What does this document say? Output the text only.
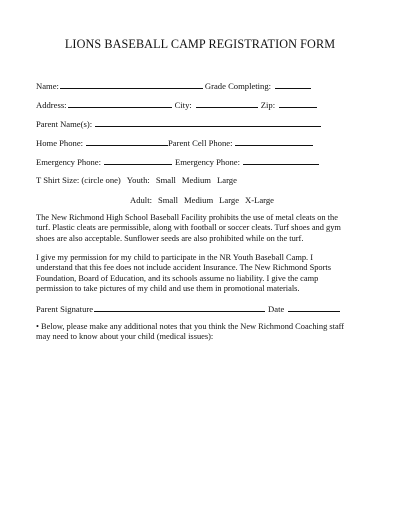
LIONS BASEBALL CAMP REGISTRATION FORM
Name:	Grade Completing:
Address:	City:	Zip:
Parent Name(s):
Home Phone:	Parent Cell Phone:
Emergency Phone:	Emergency Phone:
T Shirt Size: (circle one) Youth: Small Medium Large
Adult: Small Medium Large X-Large
The New Richmond High School Baseball Facility prohibits the use of metal cleats on the
turf. Plastic cleats are permissible, along with football or soccer cleats. Turf shoes and gym
shoes are also acceptable. Sunflower seeds are also prohibited while on the turf.
I give my permission for my child to participate in the NR Youth Baseball Camp. I
understand that this fee does not include accident Insurance. The New Richmond Sports
Foundation, Board of Education, and its schools assume no liability. I give the camp
permission to take pictures of my child and use them in promotional materials.
Parent Signature	Date
• Below, please make any additional notes that you think the New Richmond Coaching staff
may need to know about your child (medical issues):
